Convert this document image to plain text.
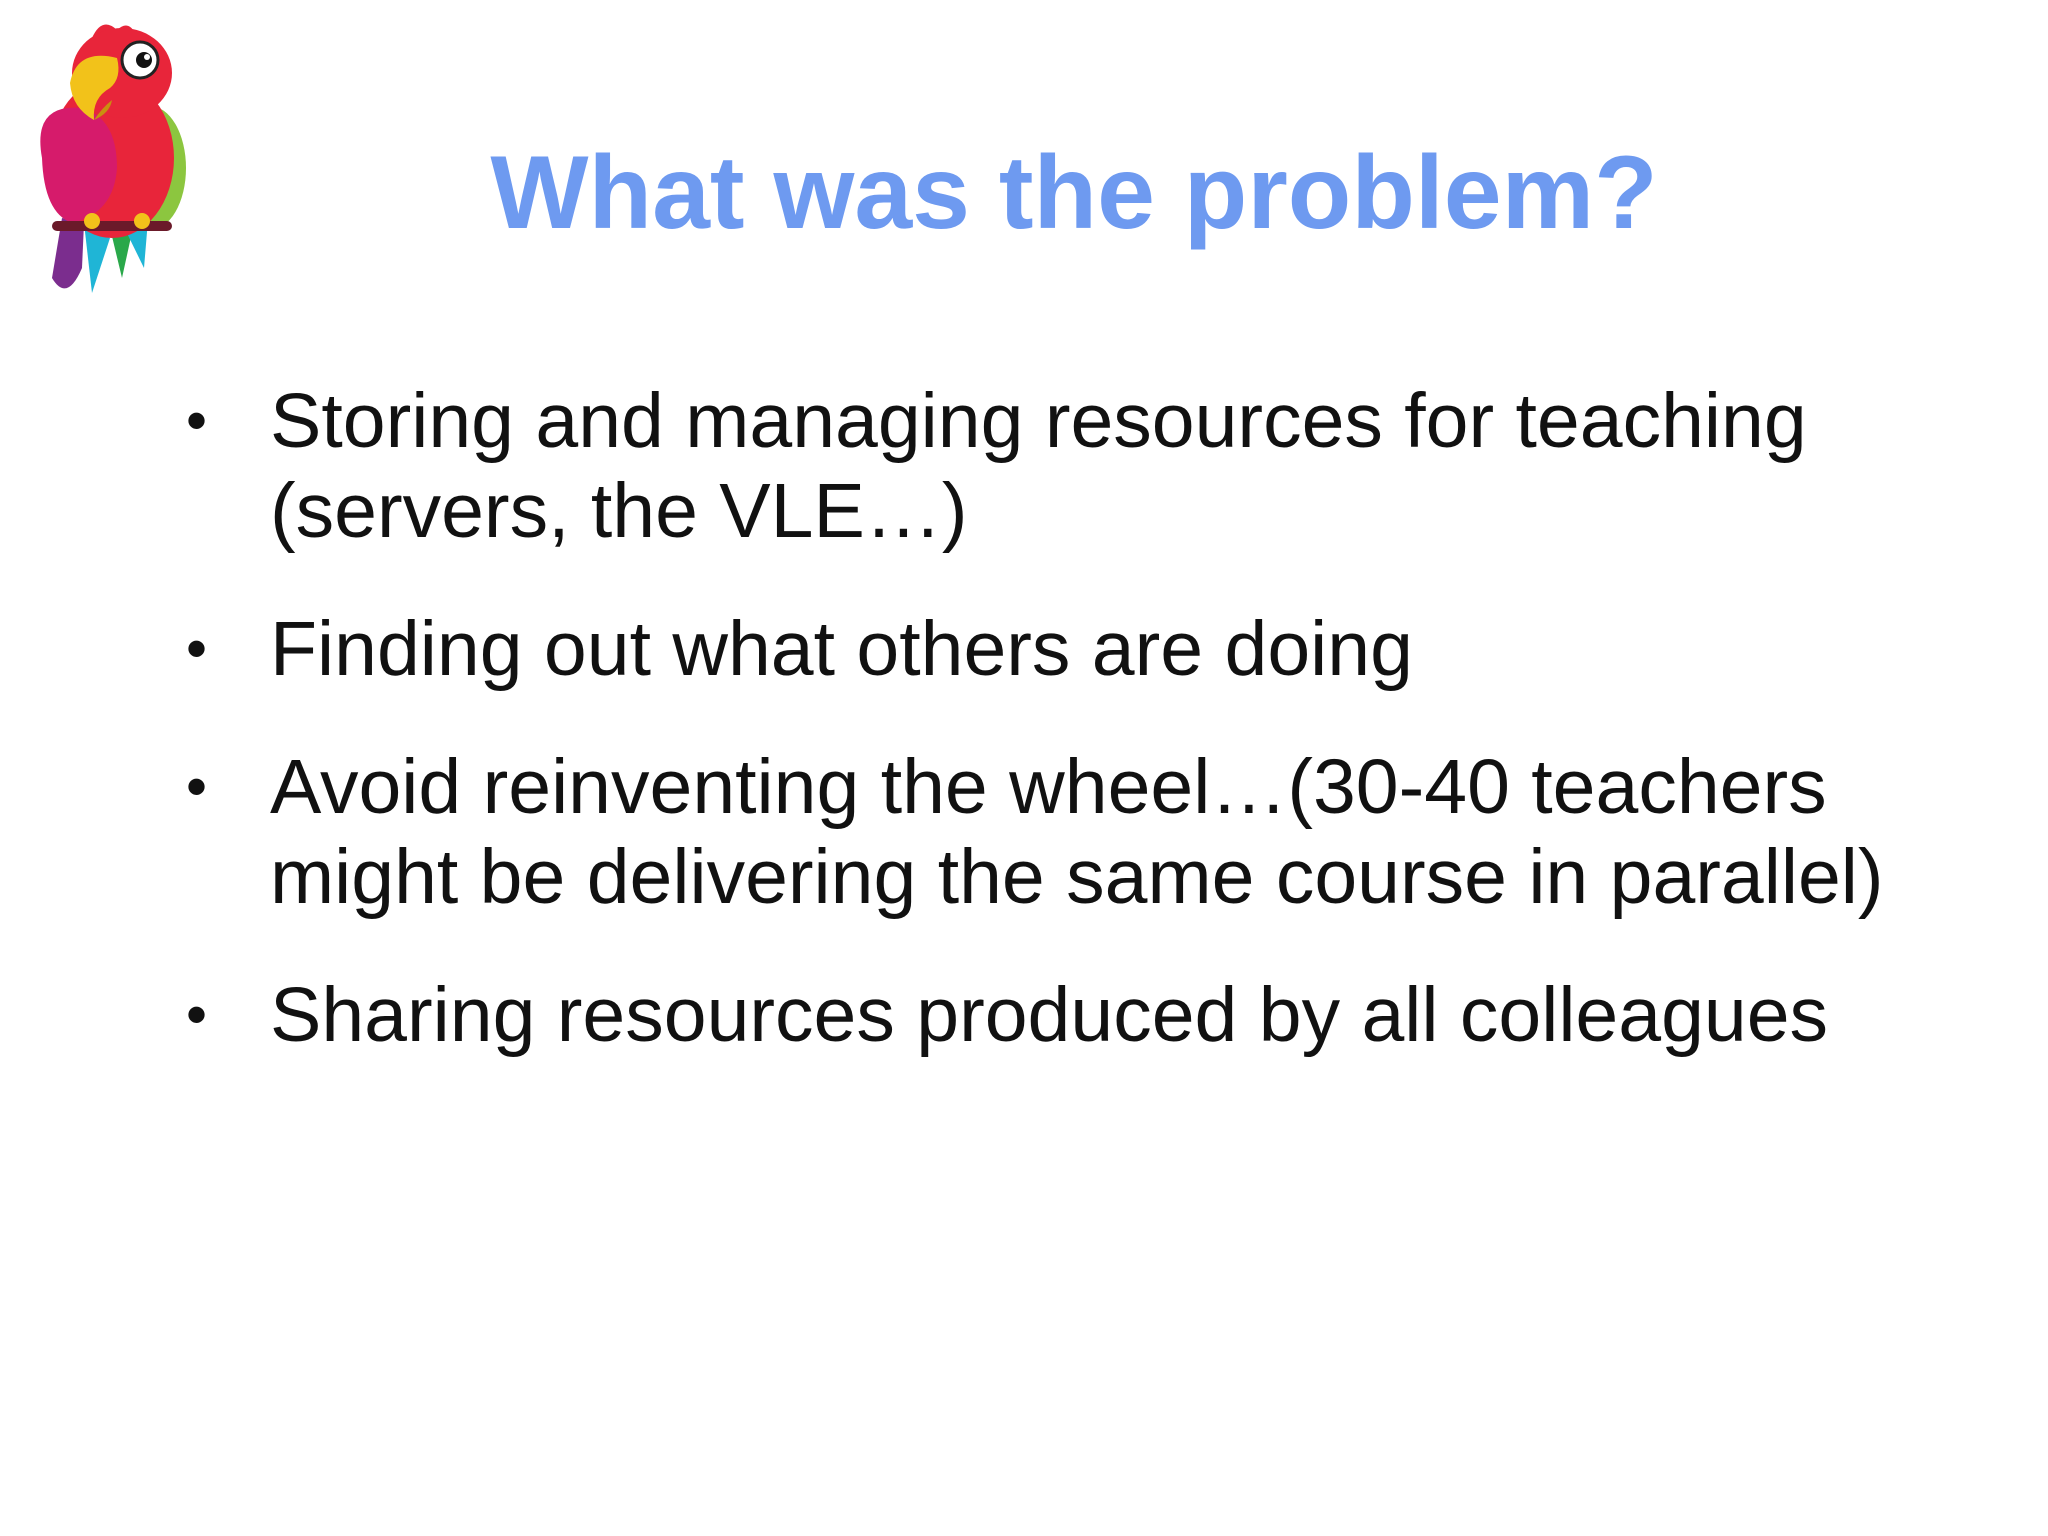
What was the problem?
• Storing and managing resources for teaching (servers, the VLE…)
• Finding out what others are doing
• Avoid reinventing the wheel…(30-40 teachers might be delivering the same course in parallel)
• Sharing resources produced by all colleagues
